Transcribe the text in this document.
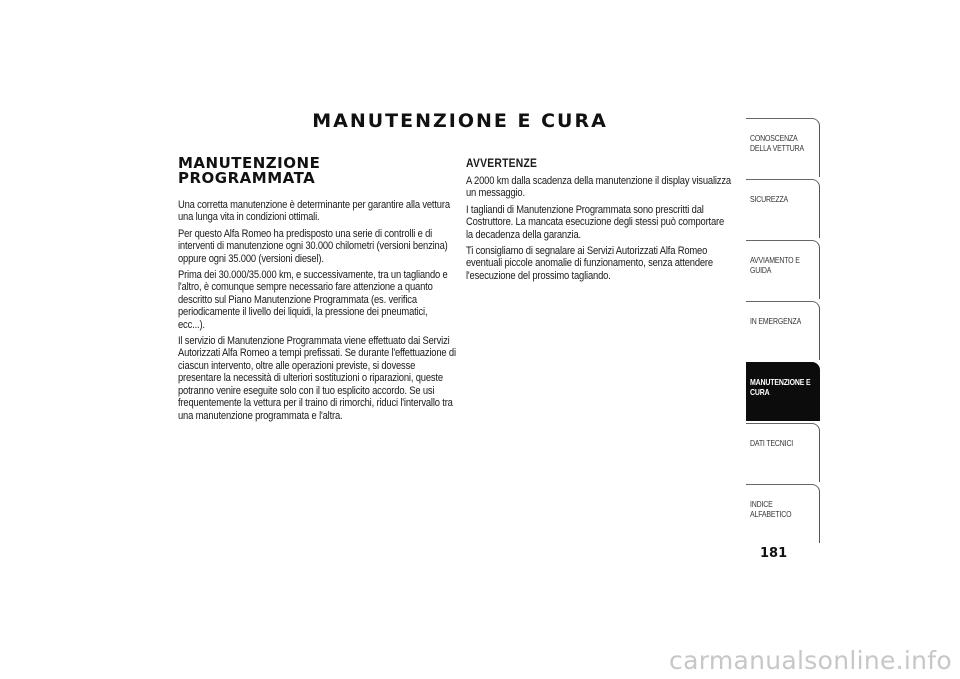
MANUTENZIONE E CURA
MANUTENZIONE
PROGRAMMATA

Una corretta manutenzione è determinante per garantire alla vettura una lunga vita in condizioni ottimali.

Per questo Alfa Romeo ha predisposto una serie di controlli e di interventi di manutenzione ogni 30.000 chilometri (versioni benzina) oppure ogni 35.000 (versioni diesel).

Prima dei 30.000/35.000 km, e successivamente, tra un tagliando e l'altro, è comunque sempre necessario fare attenzione a quanto descritto sul Piano Manutenzione Programmata (es. verifica periodicamente il livello dei liquidi, la pressione dei pneumatici, ecc...).

Il servizio di Manutenzione Programmata viene effettuato dai Servizi Autorizzati Alfa Romeo a tempi prefissati. Se durante l'effettuazione di ciascun intervento, oltre alle operazioni previste, si dovesse presentare la necessità di ulteriori sostituzioni o riparazioni, queste potranno venire eseguite solo con il tuo esplicito accordo. Se usi frequentemente la vettura per il traino di rimorchi, riduci l'intervallo tra una manutenzione programmata e l'altra.

AVVERTENZE

A 2000 km dalla scadenza della manutenzione il display visualizza un messaggio.

I tagliandi di Manutenzione Programmata sono prescritti dal Costruttore. La mancata esecuzione degli stessi può comportare la decadenza della garanzia.

Ti consigliamo di segnalare ai Servizi Autorizzati Alfa Romeo eventuali piccole anomalie di funzionamento, senza attendere l'esecuzione del prossimo tagliando.

CONOSCENZA
DELLA VETTURA
SICUREZZA
AVVIAMENTO E
GUIDA
IN EMERGENZA
MANUTENZIONE E
CURA
DATI TECNICI
INDICE ALFABETICO
181
carmanualsonline.info
